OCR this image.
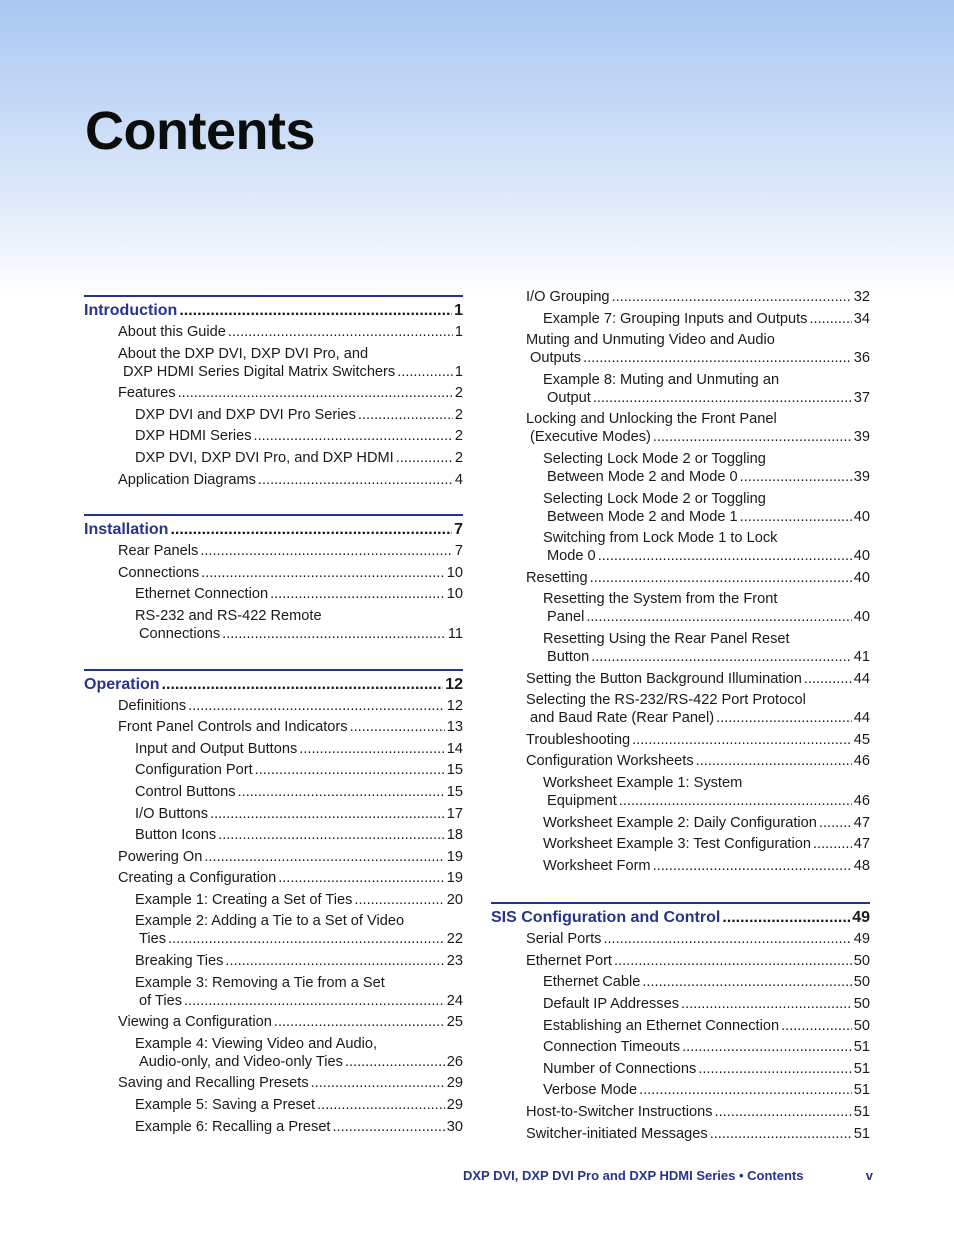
Contents
Introduction .....	1
About this Guide .....	1
About the DXP DVI, DXP DVI Pro, and
DXP HDMI Series Digital Matrix Switchers .....	1
Features .....	2
DXP DVI and DXP DVI Pro Series .....	2
DXP HDMI Series .....	2
DXP DVI, DXP DVI Pro, and DXP HDMI .....	2
Application Diagrams .....	4
Installation .....	7
Rear Panels .....	7
Connections .....	10
Ethernet Connection .....	10
RS-232 and RS-422 Remote
Connections .....	11
Operation .....	12
Definitions .....	12
Front Panel Controls and Indicators .....	13
Input and Output Buttons .....	14
Configuration Port .....	15
Control Buttons .....	15
I/O Buttons .....	17
Button Icons .....	18
Powering On .....	19
Creating a Configuration .....	19
Example 1: Creating a Set of Ties .....	20
Example 2: Adding a Tie to a Set of Video
Ties .....	22
Breaking Ties .....	23
Example 3: Removing a Tie from a Set
of Ties .....	24
Viewing a Configuration .....	25
Example 4: Viewing Video and Audio,
Audio-only, and Video-only Ties .....	26
Saving and Recalling Presets .....	29
Example 5: Saving a Preset .....	29
Example 6: Recalling a Preset .....	30
I/O Grouping .....	32
Example 7: Grouping Inputs and Outputs .....	34
Muting and Unmuting Video and Audio
Outputs .....	36
Example 8: Muting and Unmuting an
Output .....	37
Locking and Unlocking the Front Panel
(Executive Modes) .....	39
Selecting Lock Mode 2 or Toggling
Between Mode 2 and Mode 0 .....	39
Selecting Lock Mode 2 or Toggling
Between Mode 2 and Mode 1 .....	40
Switching from Lock Mode 1 to Lock
Mode 0 .....	40
Resetting .....	40
Resetting the System from the Front
Panel .....	40
Resetting Using the Rear Panel Reset
Button .....	41
Setting the Button Background Illumination .....	44
Selecting the RS-232/RS-422 Port Protocol
and Baud Rate (Rear Panel) .....	44
Troubleshooting .....	45
Configuration Worksheets .....	46
Worksheet Example 1: System
Equipment .....	46
Worksheet Example 2: Daily Configuration .....	47
Worksheet Example 3: Test Configuration .....	47
Worksheet Form .....	48
SIS Configuration and Control .....	49
Serial Ports .....	49
Ethernet Port .....	50
Ethernet Cable .....	50
Default IP Addresses .....	50
Establishing an Ethernet Connection .....	50
Connection Timeouts .....	51
Number of Connections .....	51
Verbose Mode .....	51
Host-to-Switcher Instructions .....	51
Switcher-initiated Messages .....	51
DXP DVI, DXP DVI Pro and DXP HDMI Series • Contents	v
